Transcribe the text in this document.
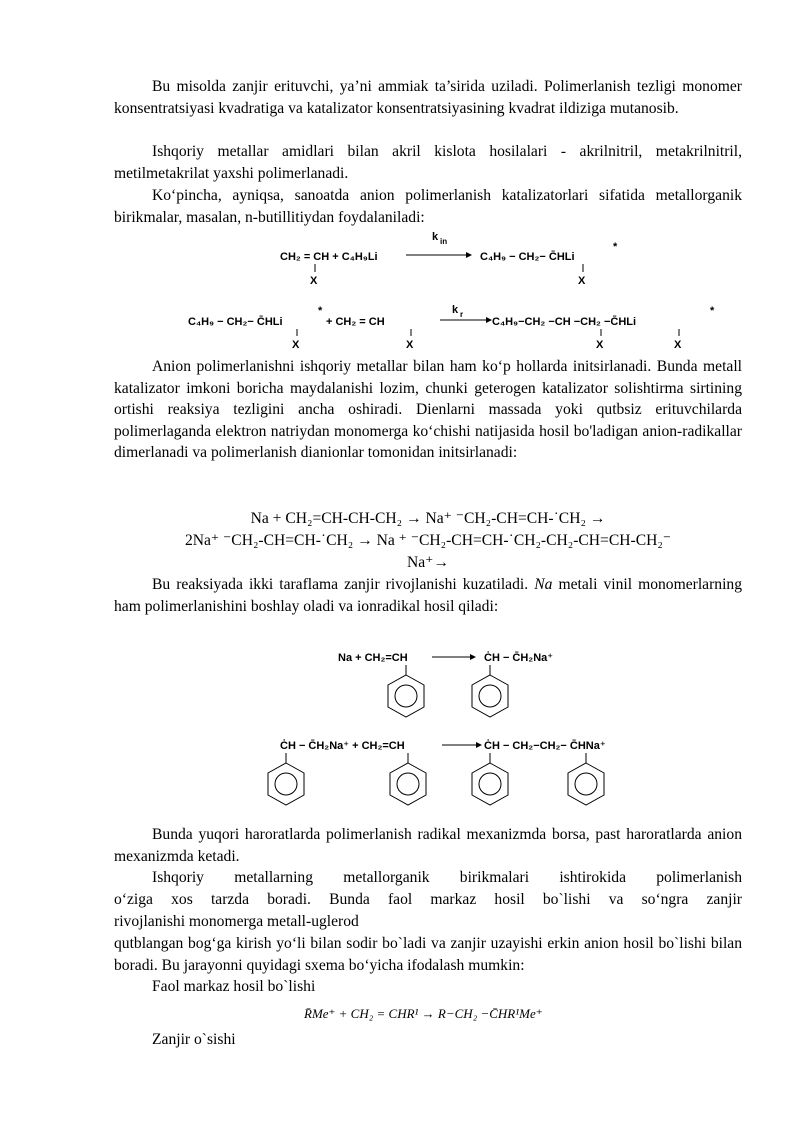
Bu misolda zanjir erituvchi, ya’ni ammiak ta’sirida uziladi. Polimerlanish tezligi monomer konsentratsiyasi kvadratiga va katalizator konsentratsiyasining kvadrat ildiziga mutanosib.
Ishqoriy metallar amidlari bilan akril kislota hosilalari - akrilnitril, metakrilnitril, metilmetakrilat yaxshi polimerlanadi.
Ko‘pincha, ayniqsa, sanoatda anion polimerlanish katalizatorlari sifatida metallorganik birikmalar, masalan, n-butillitiydan foydalaniladi:
CH₂ = CH + C₄H₉Li
k in
C₄H₉ − CH₂− C̄HLi
*
X	X
C₄H₉ − CH₂− C̄HLi
*
+ CH₂ = CH
k r
C₄H₉−CH₂ −CH −CH₂ −C̄HLi
*
X	X	X	X
Anion polimerlanishni ishqoriy metallar bilan ham ko‘p hollarda initsirlanadi. Bunda metall katalizator imkoni boricha maydalanishi lozim, chunki geterogen katalizator solishtirma sirtining ortishi reaksiya tezligini ancha oshiradi. Dienlarni massada yoki qutbsiz erituvchilarda polimerlaganda elektron natriydan monomerga ko‘chishi natijasida hosil bo'ladigan anion-radikallar dimerlanadi va polimerlanish dianionlar tomonidan initsirlanadi:
Na + CH₂=CH-CH-CH₂ → Na⁺ ⁻CH₂-CH=CH-˙CH₂ →
2Na⁺ ⁻CH₂-CH=CH-˙CH₂ → Na ⁺ ⁻CH₂-CH=CH-˙CH₂-CH₂-CH=CH-CH₂⁻
Na⁺→
Bu reaksiyada ikki taraflama zanjir rivojlanishi kuzatiladi. Na metali vinil monomerlarning ham polimerlanishini boshlay oladi va ionradikal hosil qiladi:
Na + CH₂=CH	ĊH − C̄H₂Na⁺
ĊH − C̄H₂Na⁺ + CH₂=CH	ĊH − CH₂−CH₂− C̄HNa⁺
Bunda yuqori haroratlarda polimerlanish radikal mexanizmda borsa, past haroratlarda anion mexanizmda ketadi.
Ishqoriy metallarning metallorganik birikmalari ishtirokida polimerlanish
o‘ziga xos tarzda boradi. Bunda faol markaz hosil bo`lishi va so‘ngra zanjir
rivojlanishi monomerga metall-uglerod
qutblangan bog‘ga kirish yo‘li bilan sodir bo`ladi va zanjir uzayishi erkin anion hosil bo`lishi bilan boradi. Bu jarayonni quyidagi sxema bo‘yicha ifodalash mumkin:
Faol markaz hosil bo`lishi
R̄Me⁺ + CH₂ = CHR¹ → R−CH₂ −C̄HR¹Me⁺
Zanjir o`sishi
